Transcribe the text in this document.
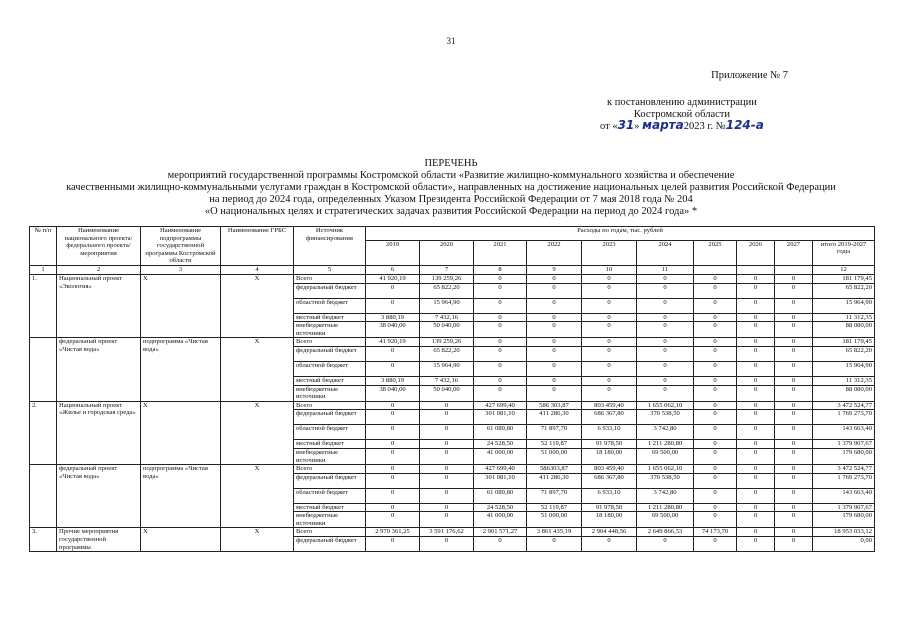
31
Приложение № 7
к постановлению администрации
Костромской области
от «31» марта2023 г. №124-а
ПЕРЕЧЕНЬ
мероприятий государственной программы Костромской области «Развитие жилищно-коммунального хозяйства и обеспечение
качественными жилищно-коммунальными услугами граждан в Костромской области», направленных на достижение национальных целей развития Российской Федерации
на период до 2024 года, определенных Указом Президента Российской Федерации от 7 мая 2018 года № 204
«О национальных целях и стратегических задачах развития Российской Федерации на период до 2024 года» *
№ п/п	Наименование национального проекта/ федерального проекта/мероприятия	Наименование подпрограммы государственной программы Костромской области	Наименование ГРБС	Источник финансирования	Расходы по годам, тыс. рублей									
					2019	2020	2021	2022	2023	2024	2025	2026	2027	итого 2019-2027 годы
1	2	3	4	5	6	7	8	9	10	11				12
1.	Национальный проект «Экология»	Х	Х	Всего	41 920,19	139 259,26	0	0	0	0	0	0	0	181 179,45
				федеральный бюджет	0	65 822,20	0	0	0	0	0	0	0	65 822,20
				областной бюджет	0	15 964,90	0	0	0	0	0	0	0	15 964,90
				местный бюджет	3 880,19	7 432,16	0	0	0	0	0	0	0	11 312,35
				внебюджетные источники	38 040,00	50 040,00	0	0	0	0	0	0	0	88 080,00
	федеральный проект «Чистая вода»	подпрограмма «Чистая вода»	Х	Всего	41 920,19	139 259,26	0	0	0	0	0	0	0	181 179,45
				федеральный бюджет	0	65 822,20	0	0	0	0	0	0	0	65 822,20
				областной бюджет	0	15 964,90	0	0	0	0	0	0	0	15 964,90
				местный бюджет	3 880,19	7 432,16	0	0	0	0	0	0	0	11 312,35
				внебюджетные источники	38 040,00	50 040,00	0	0	0	0	0	0	0	88 080,00
2.	Национальный проект «Жилье и городская среда»	Х	Х	Всего	0	0	427 699,40	586 303,87	803 459,40	1 655 062,10	0	0	0	3 472 524,77
				федеральный бюджет	0	0	301 081,10	411 286,30	686 367,80	370 538,50	0	0	0	1 769 273,70
				областной бюджет	0	0	61 089,80	71 897,70	6 933,10	3 742,80	0	0	0	143 663,40
				местный бюджет	0	0	24 528,50	52 119,87	91 978,50	1 211 280,80	0	0	0	1 379 907,67
				внебюджетные источники	0	0	41 000,00	51 000,00	18 180,00	69 500,00	0	0	0	179 680,00
	федеральный проект «Чистая вода»	подпрограмма «Чистая вода»	Х	Всего	0	0	427 699,40	586303,87	803 459,40	1 655 062,10	0	0	0	3 472 524,77
				федеральный бюджет	0	0	301 081,10	411 286,30	686 367,80	370 538,50	0	0	0	1 769 273,70
				областной бюджет	0	0	61 089,80	71 897,70	6 933,10	3 742,80	0	0	0	143 663,40
				местный бюджет	0	0	24 528,50	52 119,87	91 978,50	1 211 280,80	0	0	0	1 379 907,67
				внебюджетные источники	0	0	41 000,00	51 000,00	18 180,00	69 500,00	0	0	0	179 680,00
3.	Прочие мероприятия государственной программы	Х	Х	Всего	2 970 361,25	3 591 176,62	2 901 571,27	3 861 435,19	2 904 448,56	2 649 866,53	74 173,70	0	0	18 953 033,12
				федеральный бюджет	0	0	0	0	0	0	0	0	0	0,00
